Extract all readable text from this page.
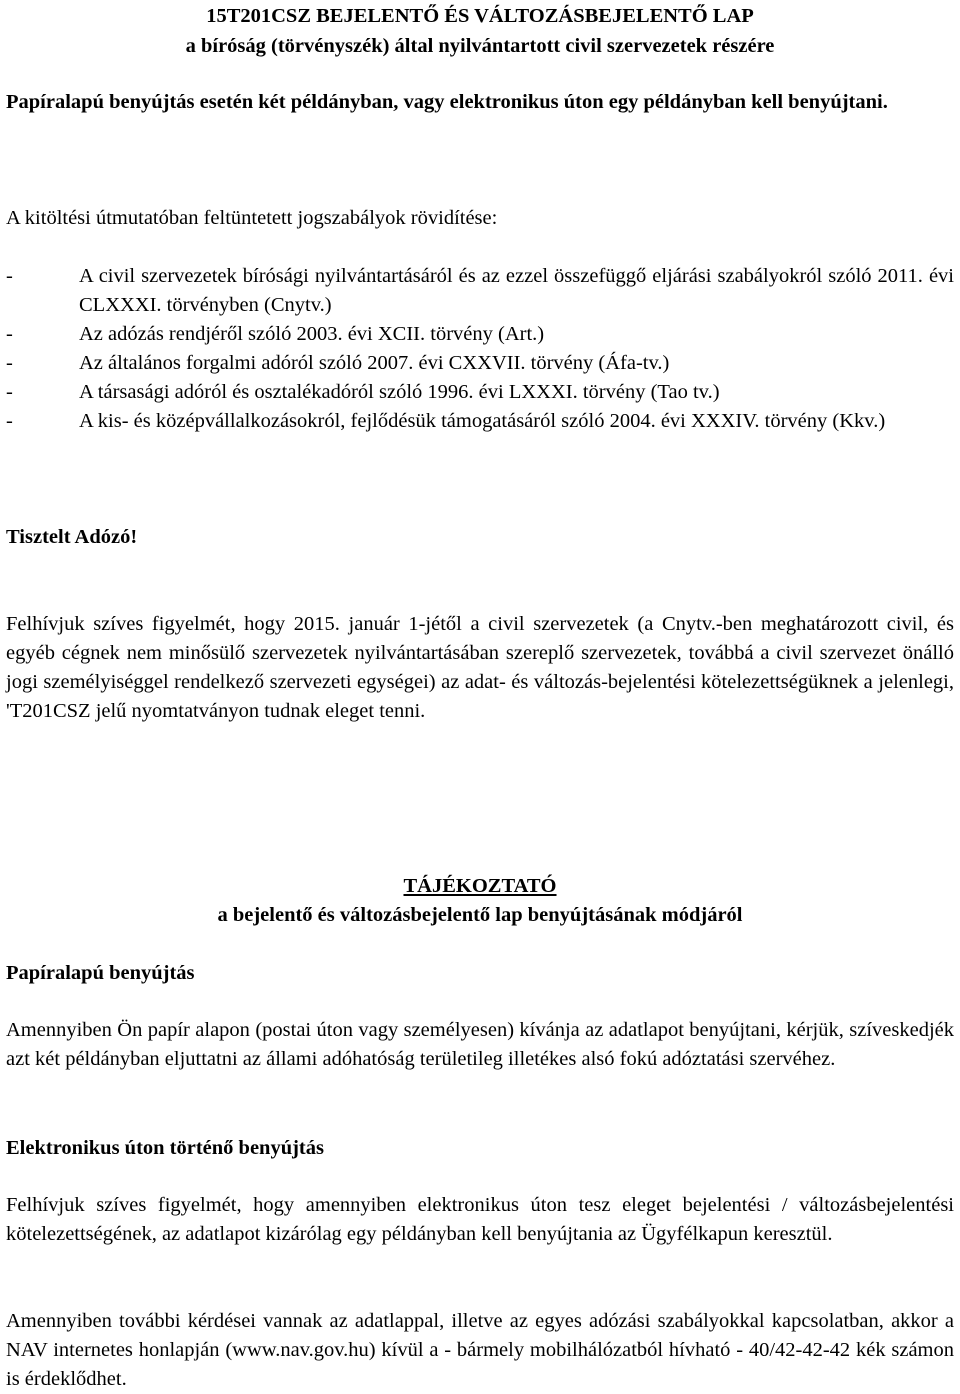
15T201CSZ BEJELENTŐ ÉS VÁLTOZÁSBEJELENTŐ LAP
a bíróság (törvényszék) által nyilvántartott civil szervezetek részére
Papíralapú benyújtás esetén két példányban, vagy elektronikus úton egy példányban kell benyújtani.
A kitöltési útmutatóban feltüntetett jogszabályok rövidítése:
-	A civil szervezetek bírósági nyilvántartásáról és az ezzel összefüggő eljárási szabályokról szóló 2011. évi CLXXXI. törvényben (Cnytv.)
-	Az adózás rendjéről szóló 2003. évi XCII. törvény (Art.)
-	Az általános forgalmi adóról szóló 2007. évi CXXVII. törvény (Áfa-tv.)
-	A társasági adóról és osztalékadóról szóló 1996. évi LXXXI. törvény (Tao tv.)
-	A kis- és középvállalkozásokról, fejlődésük támogatásáról szóló 2004. évi XXXIV. törvény (Kkv.)
Tisztelt Adózó!
Felhívjuk szíves figyelmét, hogy 2015. január 1-jétől a civil szervezetek (a Cnytv.-ben meghatározott civil, és egyéb cégnek nem minősülő szervezetek nyilvántartásában szereplő szervezetek, továbbá a civil szervezet önálló jogi személyiséggel rendelkező szervezeti egységei) az adat- és változás-bejelentési kötelezettségüknek a jelenlegi, 'T201CSZ jelű nyomtatványon tudnak eleget tenni.
TÁJÉKOZTATÓ
a bejelentő és változásbejelentő lap benyújtásának módjáról
Papíralapú benyújtás
Amennyiben Ön papír alapon (postai úton vagy személyesen) kívánja az adatlapot benyújtani, kérjük, szíveskedjék azt két példányban eljuttatni az állami adóhatóság területileg illetékes alsó fokú adóztatási szervéhez.
Elektronikus úton történő benyújtás
Felhívjuk szíves figyelmét, hogy amennyiben elektronikus úton tesz eleget bejelentési / változásbejelentési kötelezettségének, az adatlapot kizárólag egy példányban kell benyújtania az Ügyfélkapun keresztül.
Amennyiben további kérdései vannak az adatlappal, illetve az egyes adózási szabályokkal kapcsolatban, akkor a NAV internetes honlapján (www.nav.gov.hu) kívül a - bármely mobilhálózatból hívható - 40/42-42-42 kék számon is érdeklődhet.
